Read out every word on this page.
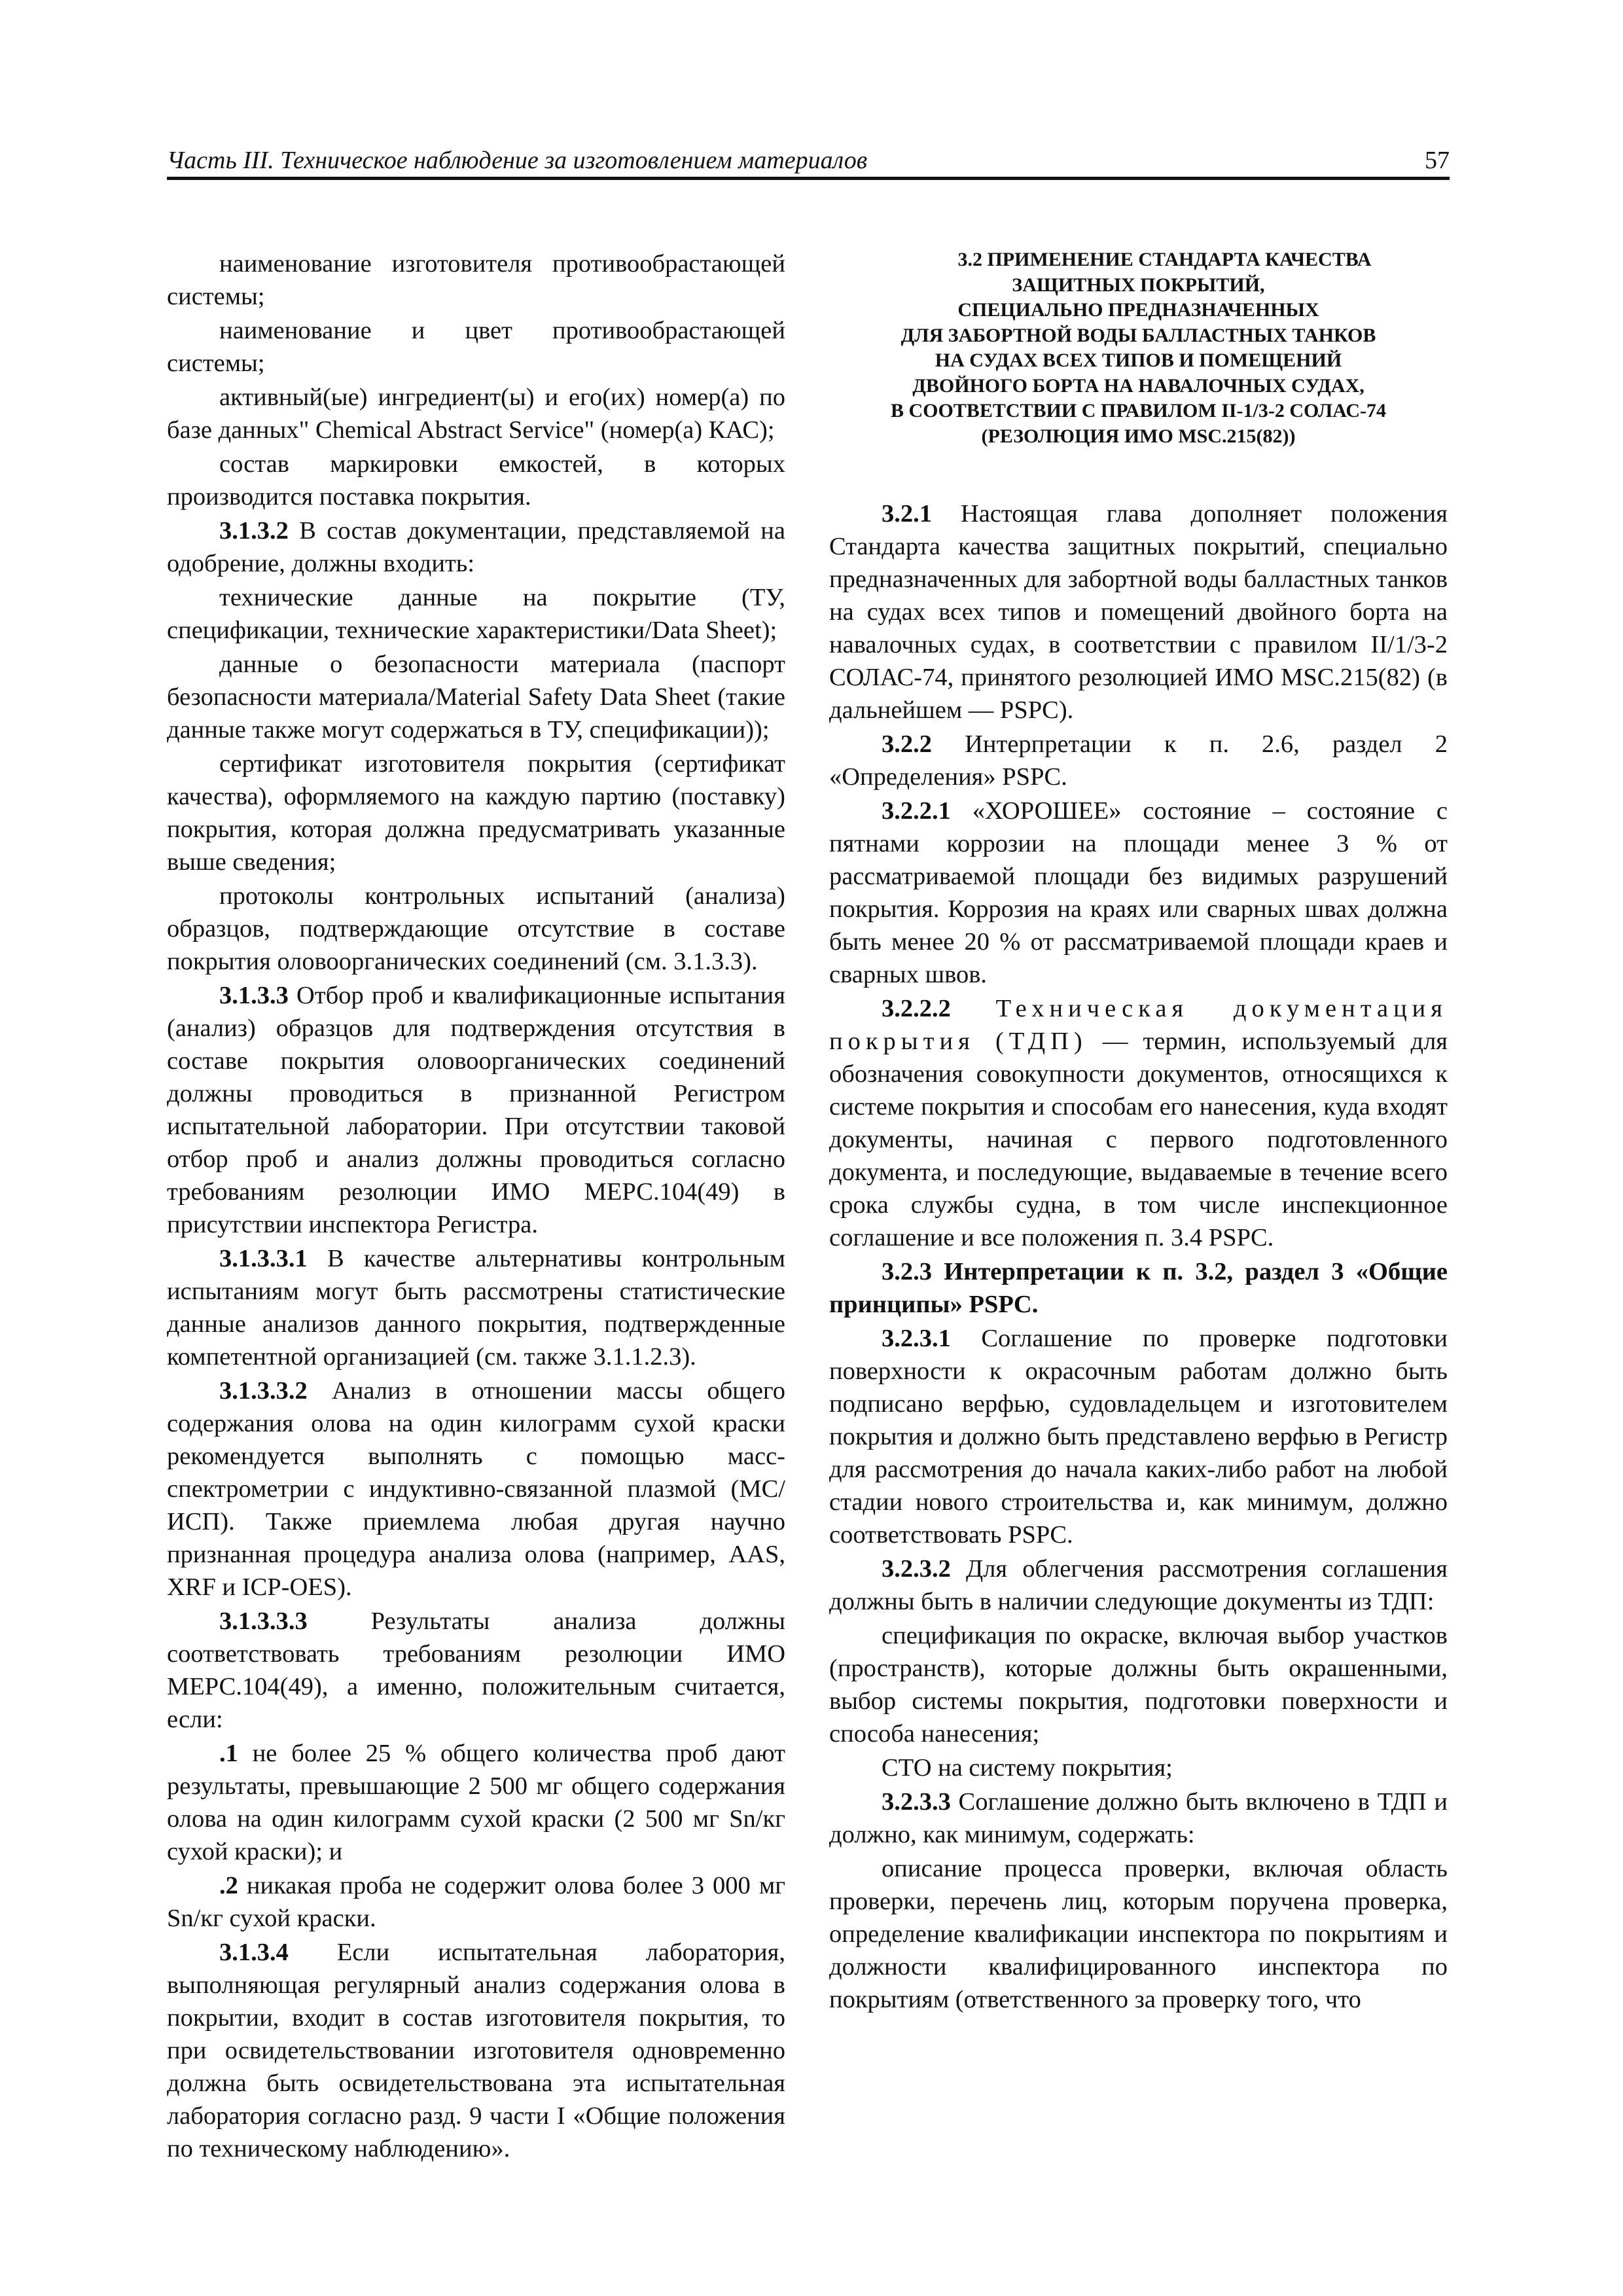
Часть III. Техническое наблюдение за изготовлением материалов	57

наименование изготовителя противообрастающей системы;

наименование и цвет противообрастающей системы;

активный(ые) ингредиент(ы) и его(их) номер(а) по базе данных" Chemical Abstract Service" (номер(а) КАС);

состав маркировки емкостей, в которых производится поставка покрытия.

3.1.3.2 В состав документации, представляемой на одобрение, должны входить:

технические данные на покрытие (ТУ, спецификации, технические характеристики/Data Sheet);

данные о безопасности материала (паспорт безопасности материала/Material Safety Data Sheet (такие данные также могут содержаться в ТУ, спецификации));

сертификат изготовителя покрытия (сертификат качества), оформляемого на каждую партию (поставку) покрытия, которая должна предусматривать указанные выше сведения;

протоколы контрольных испытаний (анализа) образцов, подтверждающие отсутствие в составе покрытия оловоорганических соединений (см. 3.1.3.3).

3.1.3.3 Отбор проб и квалификационные испытания (анализ) образцов для подтверждения отсутствия в составе покрытия оловоорганических соединений должны проводиться в признанной Регистром испытательной лаборатории. При отсутствии таковой отбор проб и анализ должны проводиться согласно требованиям резолюции ИМО МЕРС.104(49) в присутствии инспектора Регистра.

3.1.3.3.1 В качестве альтернативы контрольным испытаниям могут быть рассмотрены статистические данные анализов данного покрытия, подтвержденные компетентной организацией (см. также 3.1.1.2.3).

3.1.3.3.2 Анализ в отношении массы общего содержания олова на один килограмм сухой краски рекомендуется выполнять с помощью масс-спектрометрии с индуктивно-связанной плазмой (МС/ИСП). Также приемлема любая другая научно признанная процедура анализа олова (например, AAS, XRF и ICP-OES).

3.1.3.3.3 Результаты анализа должны соответствовать требованиям резолюции ИМО МЕРС.104(49), а именно, положительным считается, если:

.1 не более 25 % общего количества проб дают результаты, превышающие 2 500 мг общего содержания олова на один килограмм сухой краски (2 500 мг Sn/кг сухой краски); и

.2 никакая проба не содержит олова более 3 000 мг Sn/кг сухой краски.

3.1.3.4 Если испытательная лаборатория, выполняющая регулярный анализ содержания олова в покрытии, входит в состав изготовителя покрытия, то при освидетельствовании изготовителя одновременно должна быть освидетельствована эта испытательная лаборатория согласно разд. 9 части I «Общие положения по техническому наблюдению».

3.2 ПРИМЕНЕНИЕ СТАНДАРТА КАЧЕСТВА
ЗАЩИТНЫХ ПОКРЫТИЙ,
СПЕЦИАЛЬНО ПРЕДНАЗНАЧЕННЫХ
ДЛЯ ЗАБОРТНОЙ ВОДЫ БАЛЛАСТНЫХ ТАНКОВ
НА СУДАХ ВСЕХ ТИПОВ И ПОМЕЩЕНИЙ
ДВОЙНОГО БОРТА НА НАВАЛОЧНЫХ СУДАХ,
В СООТВЕТСТВИИ С ПРАВИЛОМ II-1/3-2 СОЛАС-74
(РЕЗОЛЮЦИЯ ИМО MSC.215(82))

3.2.1 Настоящая глава дополняет положения Стандарта качества защитных покрытий, специально предназначенных для забортной воды балластных танков на судах всех типов и помещений двойного борта на навалочных судах, в соответствии с правилом II/1/3-2 СОЛАС-74, принятого резолюцией ИМО MSC.215(82) (в дальнейшем — PSPC).

3.2.2 Интерпретации к п. 2.6, раздел 2 «Определения» PSPC.

3.2.2.1 «ХОРОШЕЕ» состояние – состояние с пятнами коррозии на площади менее 3 % от рассматриваемой площади без видимых разрушений покрытия. Коррозия на краях или сварных швах должна быть менее 20 % от рассматриваемой площади краев и сварных швов.

3.2.2.2 Техническая документация покрытия (ТДП) — термин, используемый для обозначения совокупности документов, относящихся к системе покрытия и способам его нанесения, куда входят документы, начиная с первого подготовленного документа, и последующие, выдаваемые в течение всего срока службы судна, в том числе инспекционное соглашение и все положения п. 3.4 PSPC.

3.2.3 Интерпретации к п. 3.2, раздел 3 «Общие принципы» PSPC.

3.2.3.1 Соглашение по проверке подготовки поверхности к окрасочным работам должно быть подписано верфью, судовладельцем и изготовителем покрытия и должно быть представлено верфью в Регистр для рассмотрения до начала каких-либо работ на любой стадии нового строительства и, как минимум, должно соответствовать PSPC.

3.2.3.2 Для облегчения рассмотрения соглашения должны быть в наличии следующие документы из ТДП:

спецификация по окраске, включая выбор участков (пространств), которые должны быть окрашенными, выбор системы покрытия, подготовки поверхности и способа нанесения;

СТО на систему покрытия;

3.2.3.3 Соглашение должно быть включено в ТДП и должно, как минимум, содержать:

описание процесса проверки, включая область проверки, перечень лиц, которым поручена проверка, определение квалификации инспектора по покрытиям и должности квалифицированного инспектора по покрытиям (ответственного за проверку того, что
